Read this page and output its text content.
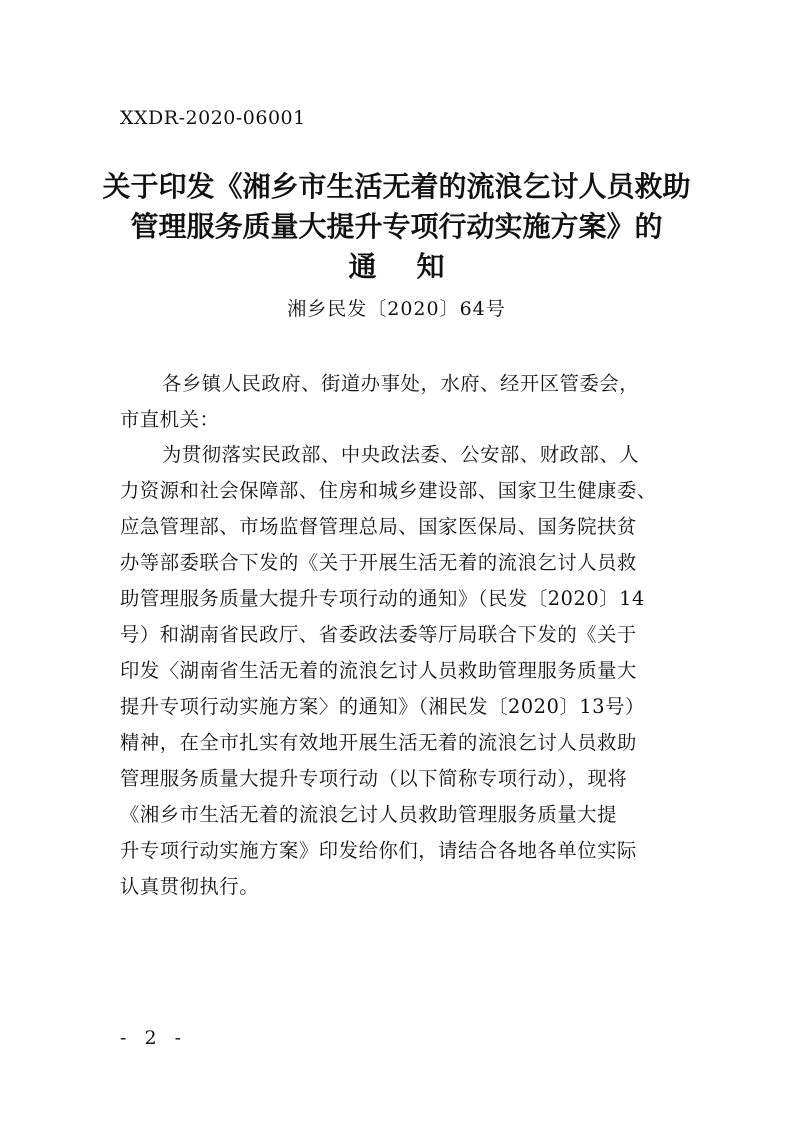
XXDR-2020-06001
关于印发《湘乡市生活无着的流浪乞讨人员救助
管理服务质量大提升专项行动实施方案》的
通知
湘乡民发〔2020〕64号
各乡镇人民政府、街道办事处，水府、经开区管委会，
市直机关：
为贯彻落实民政部、中央政法委、公安部、财政部、人
力资源和社会保障部、住房和城乡建设部、国家卫生健康委、
应急管理部、市场监督管理总局、国家医保局、国务院扶贫
办等部委联合下发的《关于开展生活无着的流浪乞讨人员救
助管理服务质量大提升专项行动的通知》（民发〔2020〕14
号）和湖南省民政厅、省委政法委等厅局联合下发的《关于
印发〈湖南省生活无着的流浪乞讨人员救助管理服务质量大
提升专项行动实施方案〉的通知》（湘民发〔2020〕13号）
精神，在全市扎实有效地开展生活无着的流浪乞讨人员救助
管理服务质量大提升专项行动（以下简称专项行动），现将
《湘乡市生活无着的流浪乞讨人员救助管理服务质量大提
升专项行动实施方案》印发给你们，请结合各地各单位实际
认真贯彻执行。
- 2 -
